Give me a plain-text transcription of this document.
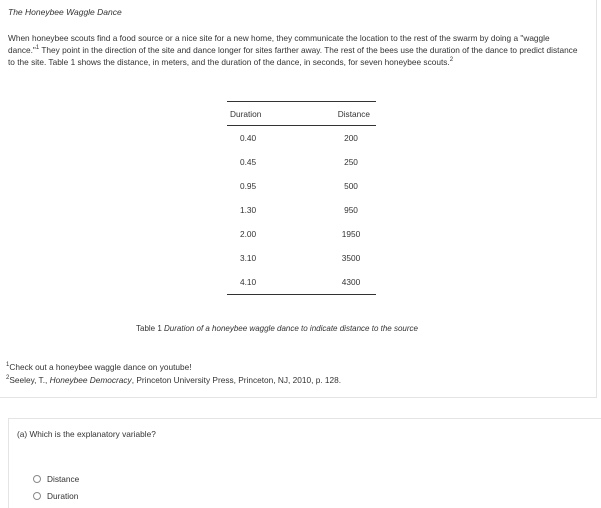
The Honeybee Waggle Dance
When honeybee scouts find a food source or a nice site for a new home, they communicate the location to the rest of the swarm by doing a "waggle dance."$^1$ They point in the direction of the site and dance longer for sites farther away. The rest of the bees use the duration of the dance to predict distance to the site. Table 1 shows the distance, in meters, and the duration of the dance, in seconds, for seven honeybee scouts.$^2$
Duration	Distance
0.40	200
0.45	250
0.95	500
1.30	950
2.00	1950
3.10	3500
4.10	4300
Table 1 Duration of a honeybee waggle dance to indicate distance to the source
$^1$Check out a honeybee waggle dance on youtube!
$^2$Seeley, T., Honeybee Democracy, Princeton University Press, Princeton, NJ, 2010, p. 128.
(a) Which is the explanatory variable?
Distance
Duration
